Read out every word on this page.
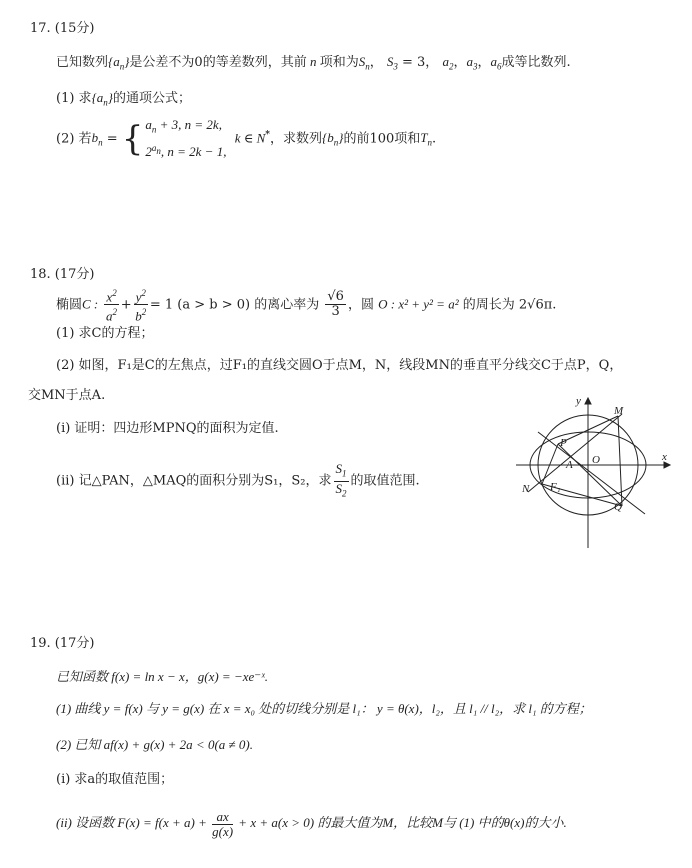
17. (15分)
已知数列$\{a_n\}$是公差不为0的等差数列，其前 n 项和为$S_n$， $S_3 = 3$， $a_2$，$a_3$，$a_6$成等比数列.
(1) 求$\{a_n\}$的通项公式；
(2) 若$b_n$ = { $a_n + 3$, n = 2k,
$2^{a_n}$, n = 2k − 1,  k ∈ N*，求数列$\{b_n\}$的前100项和$T_n$.
18. (17分)
椭圆C : $\frac{x^2}{a^2} + \frac{y^2}{b^2} = 1$ (a > b > 0) 的离心率为 $\frac{√6}{3}$ ，圆 O : x² + y² = a² 的周长为 2√6π.
(1) 求C的方程；
(2) 如图，F₁是C的左焦点，过F₁的直线交圆O于点M，N，线段MN的垂直平分线交C于点P，Q，
交MN于点A.
(i) 证明：四边形MPNQ的面积为定值.
(ii) 记△PAN，△MAQ的面积分别为S₁，S₂，求 $\frac{S_1}{S_2}$ 的取值范围.
y
x
O
M
P
A
N F₁
Q
19. (17分)
已知函数 f(x) = ln x − x，g(x) = −xe⁻ˣ.
(1) 曲线 y = f(x) 与 y = g(x) 在 x = x₀ 处的切线分别是 l₁： y = θ(x)，l₂，且 l₁ // l₂，求 l₁ 的方程；
(2) 已知 af(x) + g(x) + 2a < 0(a ≠ 0).
(i) 求a的取值范围；
(ii) 设函数 $F(x) = f(x + a) + \frac{ax}{g(x)} + x + a(x > 0)$ 的最大值为M，比较M与 (1) 中的θ(x)的大小.
